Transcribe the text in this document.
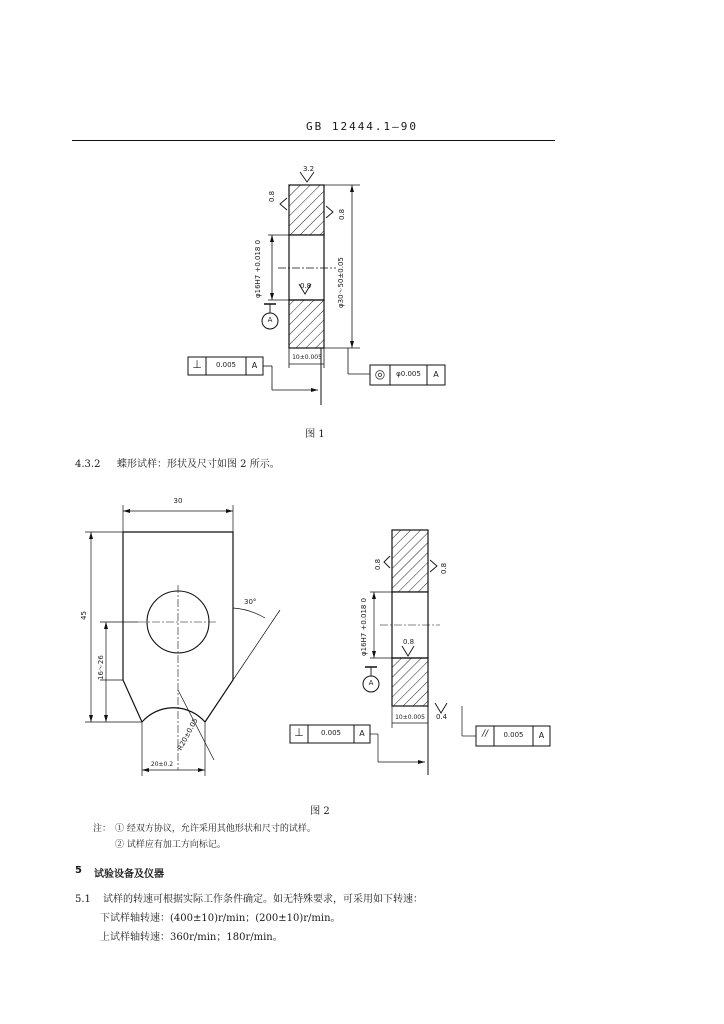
GB 12444.1—90
3.2
0.8
0.8
0.8
φ16H7 +0.018 0	φ30～50±0.05
A
10±0.005
⊥	0.005	A
◎	φ0.005	A
图 1
4.3.2 蝶形试样：形状及尺寸如图 2 所示。
30
45
16～26
30°
R20±0.05
20±0.2
0.8	0.8
0.8
0.4
φ16H7 +0.018 0
A
10±0.005
⊥	0.005	A	//	0.005	A
图 2
注： ① 经双方协议，允许采用其他形状和尺寸的试样。
② 试样应有加工方向标记。
5 试验设备及仪器
5.1 试样的转速可根据实际工作条件确定。如无特殊要求，可采用如下转速：
下试样轴转速：(400±10)r/min；(200±10)r/min。
上试样轴转速：360r/min；180r/min。
